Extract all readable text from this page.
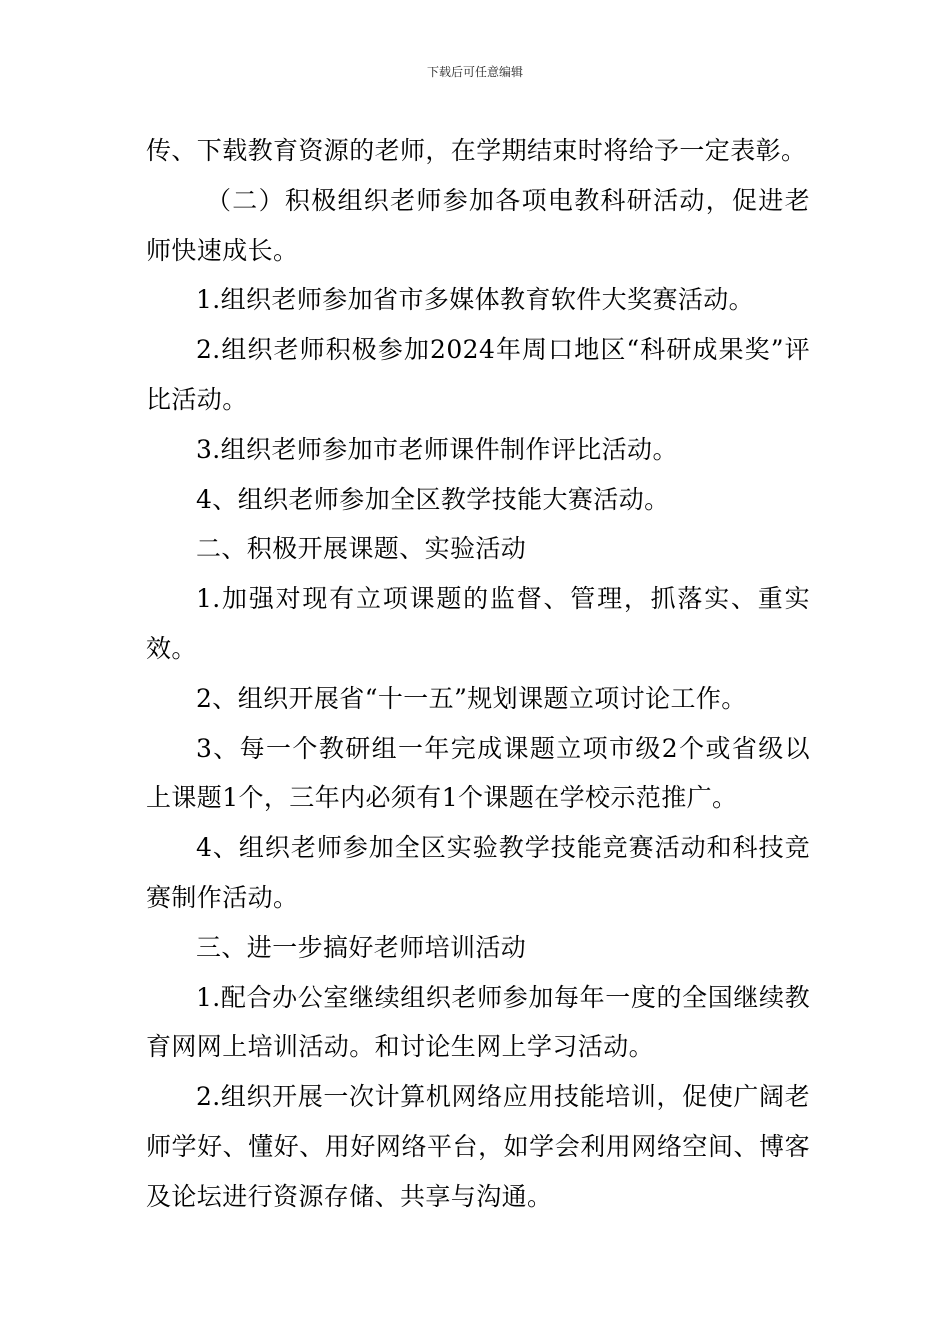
下载后可任意编辑

传、下载教育资源的老师，在学期结束时将给予一定表彰。

（二）积极组织老师参加各项电教科研活动，促进老师快速成长。

1.组织老师参加省市多媒体教育软件大奖赛活动。

2.组织老师积极参加2024年周口地区“科研成果奖”评比活动。

3.组织老师参加市老师课件制作评比活动。

4、组织老师参加全区教学技能大赛活动。

二、积极开展课题、实验活动

1.加强对现有立项课题的监督、管理，抓落实、重实效。

2、组织开展省“十一五”规划课题立项讨论工作。

3、每一个教研组一年完成课题立项市级2个或省级以上课题1个，三年内必须有1个课题在学校示范推广。

4、组织老师参加全区实验教学技能竞赛活动和科技竞赛制作活动。

三、进一步搞好老师培训活动

1.配合办公室继续组织老师参加每年一度的全国继续教育网网上培训活动。和讨论生网上学习活动。

2.组织开展一次计算机网络应用技能培训，促使广阔老师学好、懂好、用好网络平台，如学会利用网络空间、博客及论坛进行资源存储、共享与沟通。
